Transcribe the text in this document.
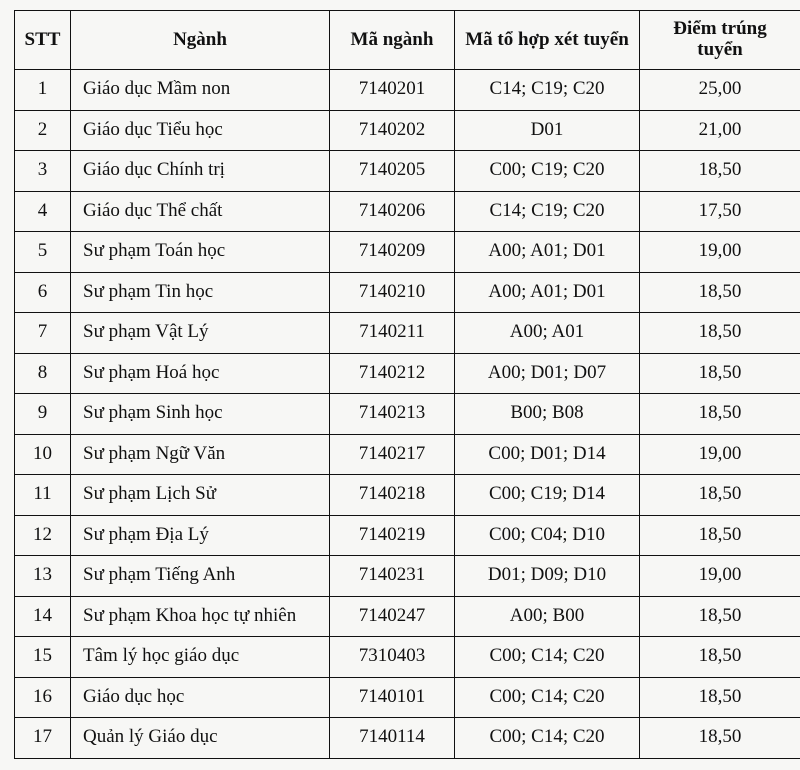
STT	Ngành	Mã ngành	Mã tổ hợp xét tuyển	Điểm trúng tuyển
1	Giáo dục Mầm non	7140201	C14; C19; C20	25,00
2	Giáo dục Tiểu học	7140202	D01	21,00
3	Giáo dục Chính trị	7140205	C00; C19; C20	18,50
4	Giáo dục Thể chất	7140206	C14; C19; C20	17,50
5	Sư phạm Toán học	7140209	A00; A01; D01	19,00
6	Sư phạm Tin học	7140210	A00; A01; D01	18,50
7	Sư phạm Vật Lý	7140211	A00; A01	18,50
8	Sư phạm Hoá học	7140212	A00; D01; D07	18,50
9	Sư phạm Sinh học	7140213	B00; B08	18,50
10	Sư phạm Ngữ Văn	7140217	C00; D01; D14	19,00
11	Sư phạm Lịch Sử	7140218	C00; C19; D14	18,50
12	Sư phạm Địa Lý	7140219	C00; C04; D10	18,50
13	Sư phạm Tiếng Anh	7140231	D01; D09; D10	19,00
14	Sư phạm Khoa học tự nhiên	7140247	A00; B00	18,50
15	Tâm lý học giáo dục	7310403	C00; C14; C20	18,50
16	Giáo dục học	7140101	C00; C14; C20	18,50
17	Quản lý Giáo dục	7140114	C00; C14; C20	18,50
